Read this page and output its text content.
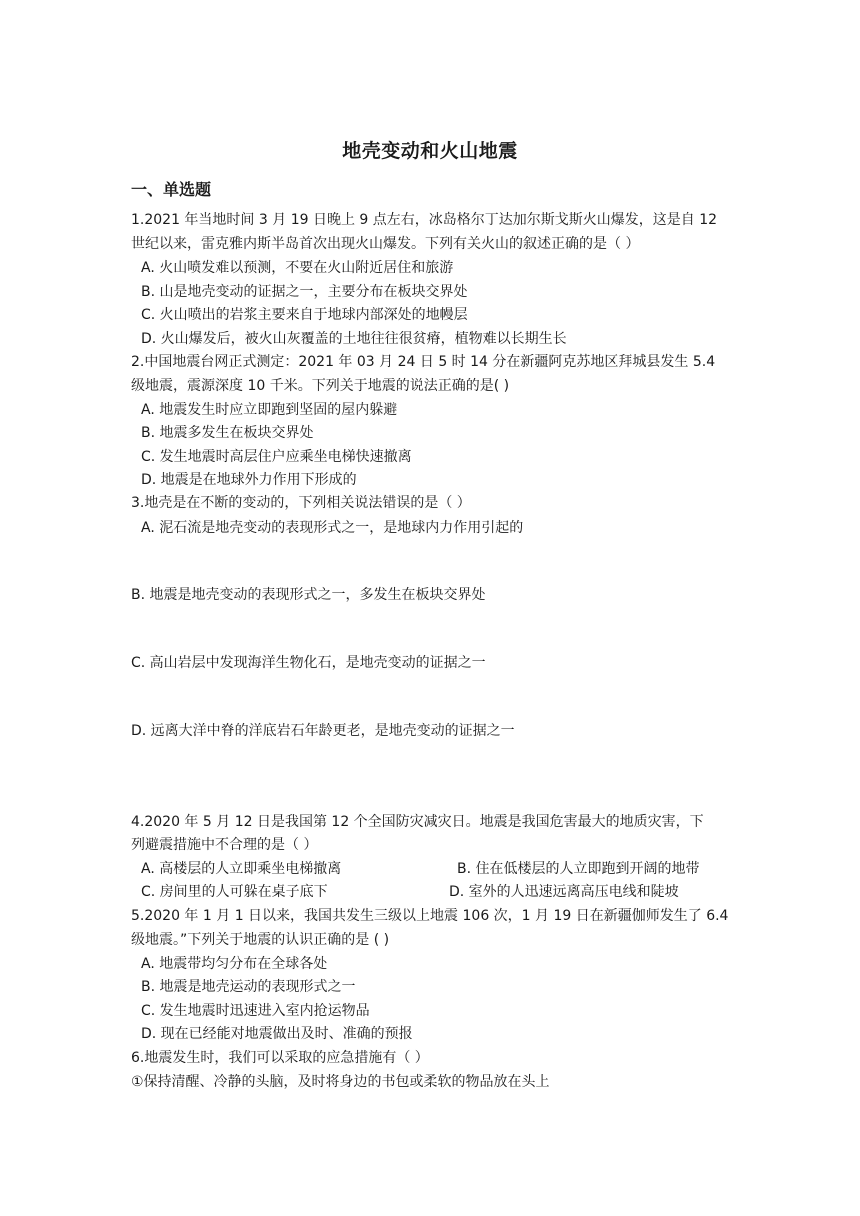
地壳变动和火山地震
一、单选题
1.2021 年当地时间 3 月 19 日晚上 9 点左右，冰岛格尔丁达加尔斯戈斯火山爆发，这是自 12
世纪以来，雷克雅内斯半岛首次出现火山爆发。下列有关火山的叙述正确的是（ ）
A. 火山喷发难以预测，不要在火山附近居住和旅游
B. 山是地壳变动的证据之一，主要分布在板块交界处
C. 火山喷出的岩浆主要来自于地球内部深处的地幔层
D. 火山爆发后，被火山灰覆盖的土地往往很贫瘠，植物难以长期生长
2.中国地震台网正式测定：2021 年 03 月 24 日 5 时 14 分在新疆阿克苏地区拜城县发生 5.4
级地震，震源深度 10 千米。下列关于地震的说法正确的是( )
A. 地震发生时应立即跑到坚固的屋内躲避
B. 地震多发生在板块交界处
C. 发生地震时高层住户应乘坐电梯快速撤离
D. 地震是在地球外力作用下形成的
3.地壳是在不断的变动的，下列相关说法错误的是（ ）
A. 泥石流是地壳变动的表现形式之一，是地球内力作用引起的
B. 地震是地壳变动的表现形式之一，多发生在板块交界处
C. 高山岩层中发现海洋生物化石，是地壳变动的证据之一
D. 远离大洋中脊的洋底岩石年龄更老，是地壳变动的证据之一
4.2020 年 5 月 12 日是我国第 12 个全国防灾减灾日。地震是我国危害最大的地质灾害，下
列避震措施中不合理的是（ ）
A. 高楼层的人立即乘坐电梯撤离	B. 住在低楼层的人立即跑到开阔的地带
C. 房间里的人可躲在桌子底下	D. 室外的人迅速远离高压电线和陡坡
5.2020 年 1 月 1 日以来，我国共发生三级以上地震 106 次，1 月 19 日在新疆伽师发生了 6.4
级地震。”下列关于地震的认识正确的是 ( )
A. 地震带均匀分布在全球各处
B. 地震是地壳运动的表现形式之一
C. 发生地震时迅速进入室内抢运物品
D. 现在已经能对地震做出及时、准确的预报
6.地震发生时，我们可以采取的应急措施有（ ）
①保持清醒、冷静的头脑，及时将身边的书包或柔软的物品放在头上
